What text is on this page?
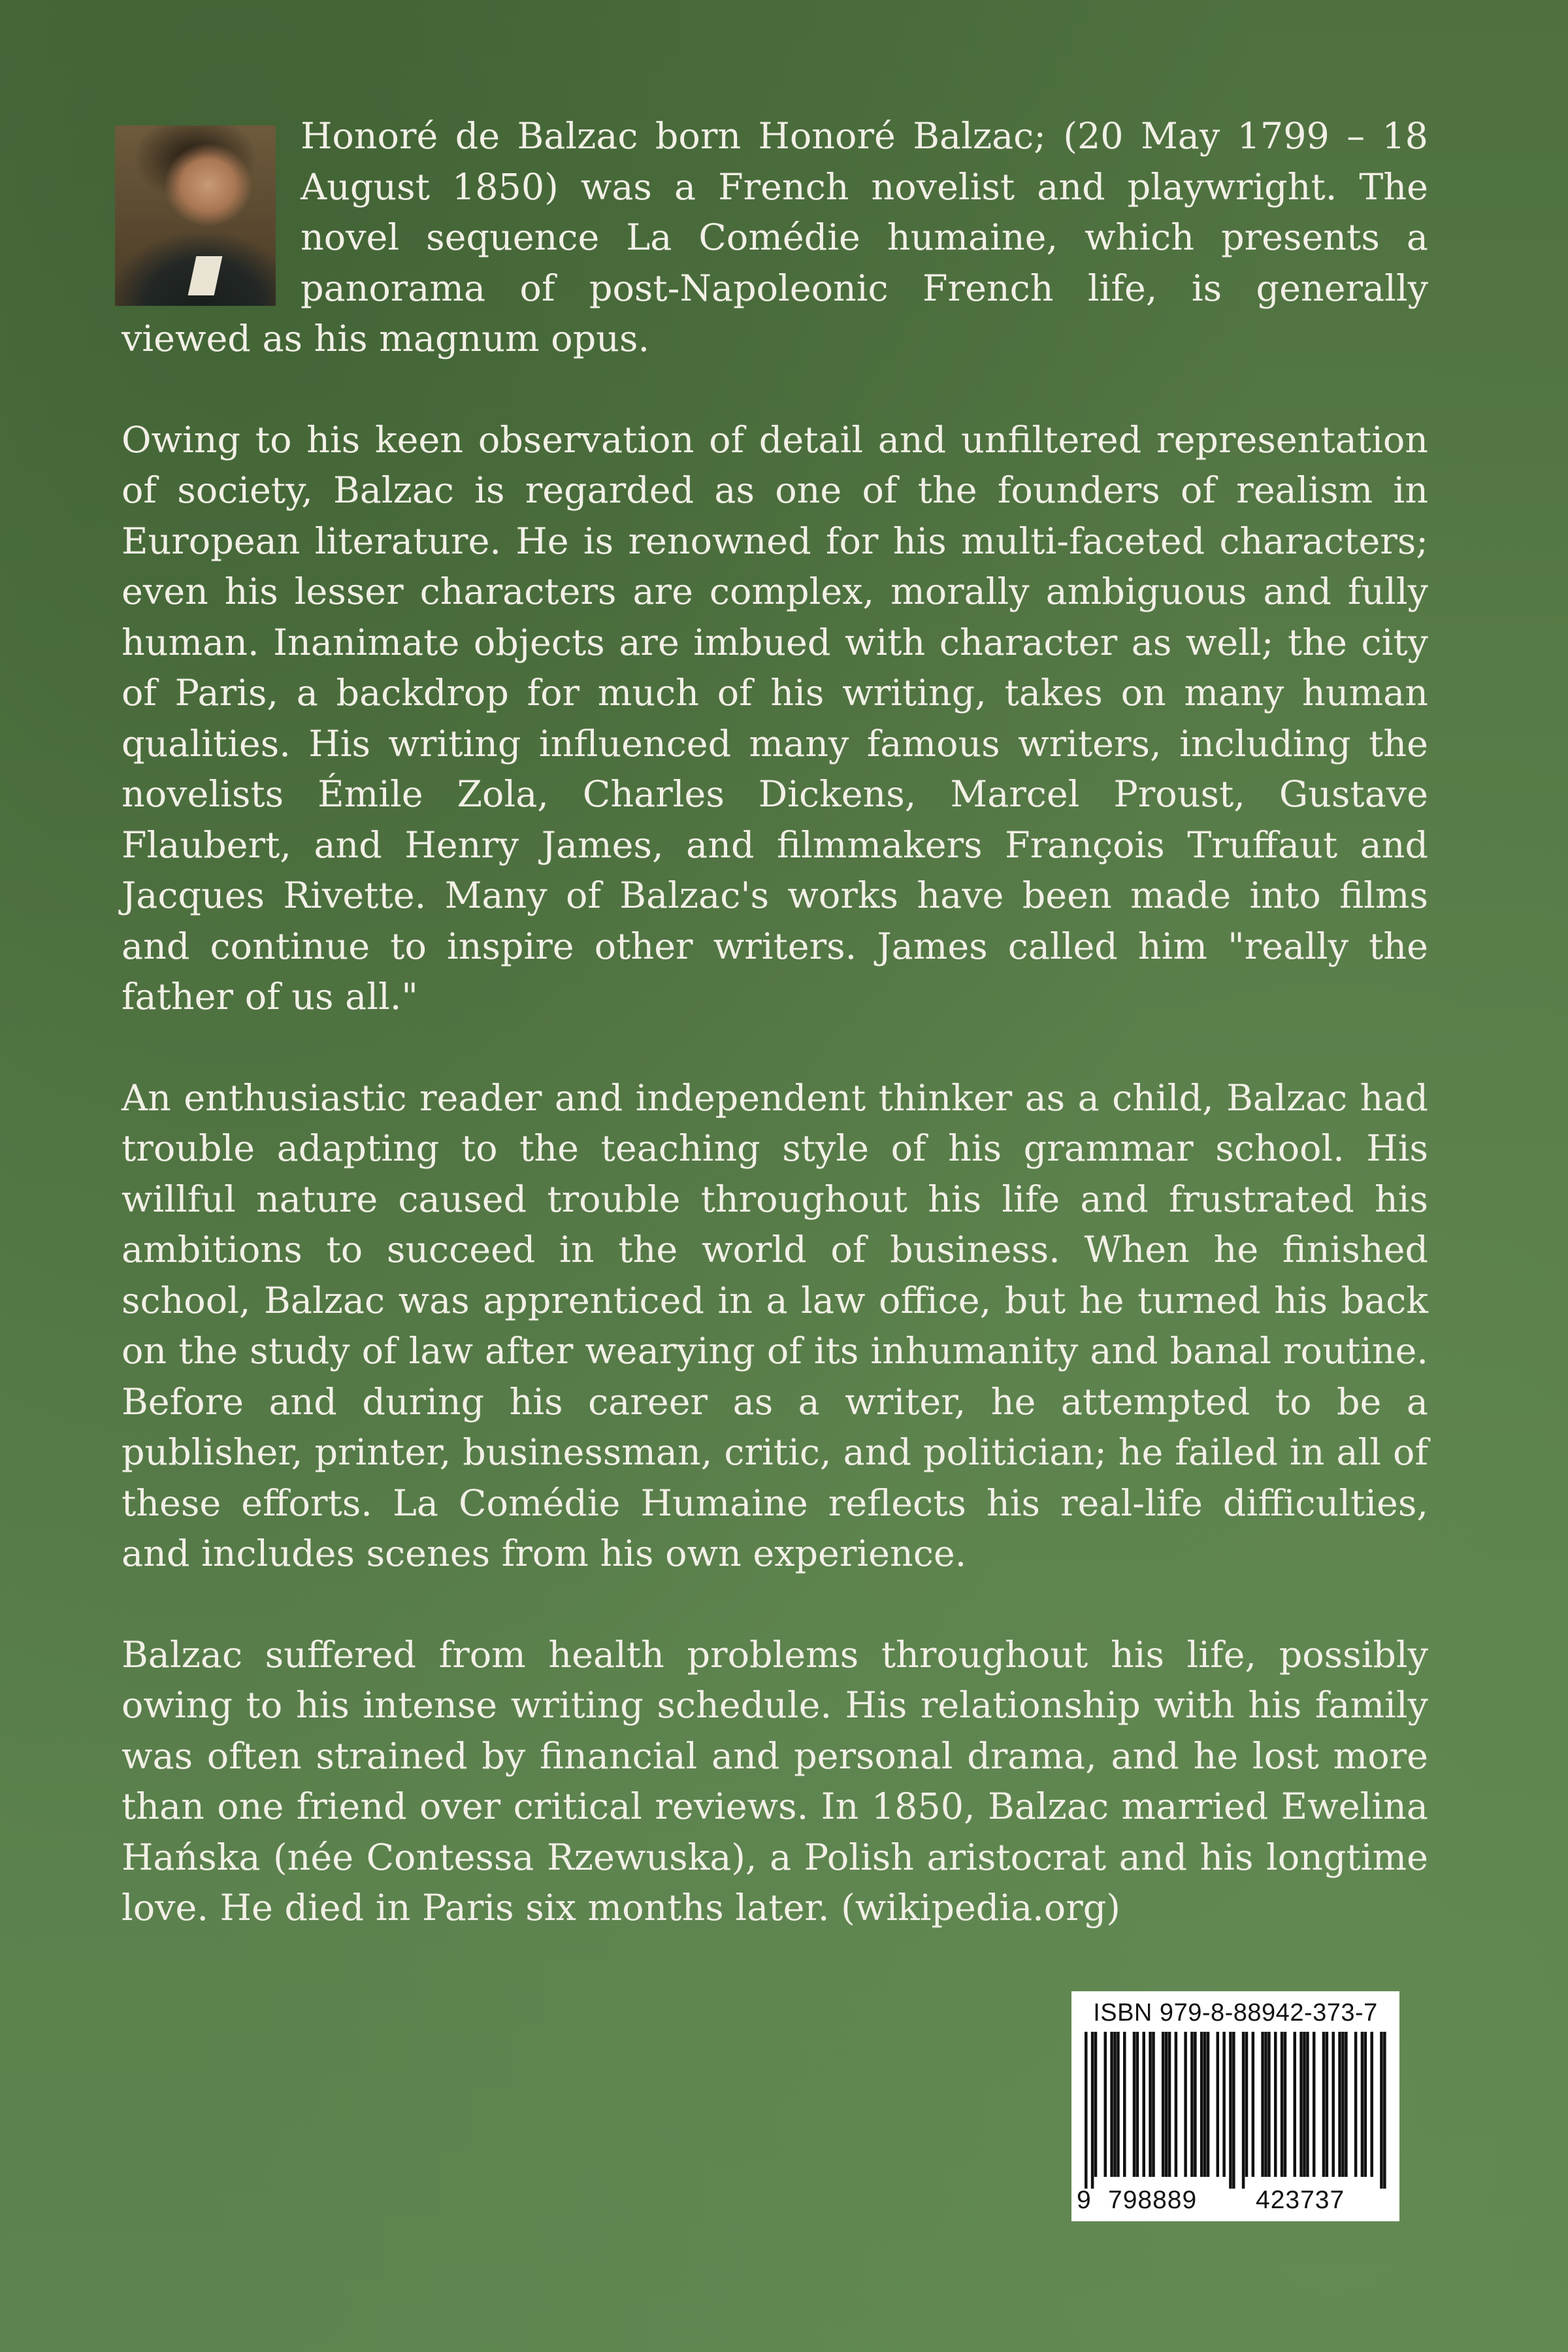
Honoré de Balzac born Honoré Balzac; (20 May 1799 – 18 August 1850) was a French novelist and playwright. The novel sequence La Comédie humaine, which presents a panorama of post-Napoleonic French life, is generally viewed as his magnum opus.

Owing to his keen observation of detail and unfiltered representation of society, Balzac is regarded as one of the founders of realism in European literature. He is renowned for his multi-faceted characters; even his lesser characters are complex, morally ambiguous and fully human. Inanimate objects are imbued with character as well; the city of Paris, a backdrop for much of his writing, takes on many human qualities. His writing influenced many famous writers, including the novelists Émile Zola, Charles Dickens, Marcel Proust, Gustave Flaubert, and Henry James, and filmmakers François Truffaut and Jacques Rivette. Many of Balzac's works have been made into films and continue to inspire other writers. James called him "really the father of us all."

An enthusiastic reader and independent thinker as a child, Balzac had trouble adapting to the teaching style of his grammar school. His willful nature caused trouble throughout his life and frustrated his ambitions to succeed in the world of business. When he finished school, Balzac was apprenticed in a law office, but he turned his back on the study of law after wearying of its inhumanity and banal routine. Before and during his career as a writer, he attempted to be a publisher, printer, businessman, critic, and politician; he failed in all of these efforts. La Comédie Humaine reflects his real-life difficulties, and includes scenes from his own experience.

Balzac suffered from health problems throughout his life, possibly owing to his intense writing schedule. His relationship with his family was often strained by financial and personal drama, and he lost more than one friend over critical reviews. In 1850, Balzac married Ewelina Hańska (née Contessa Rzewuska), a Polish aristocrat and his longtime love. He died in Paris six months later. (wikipedia.org)

ISBN 979-8-88942-373-7
9 798889 423737
